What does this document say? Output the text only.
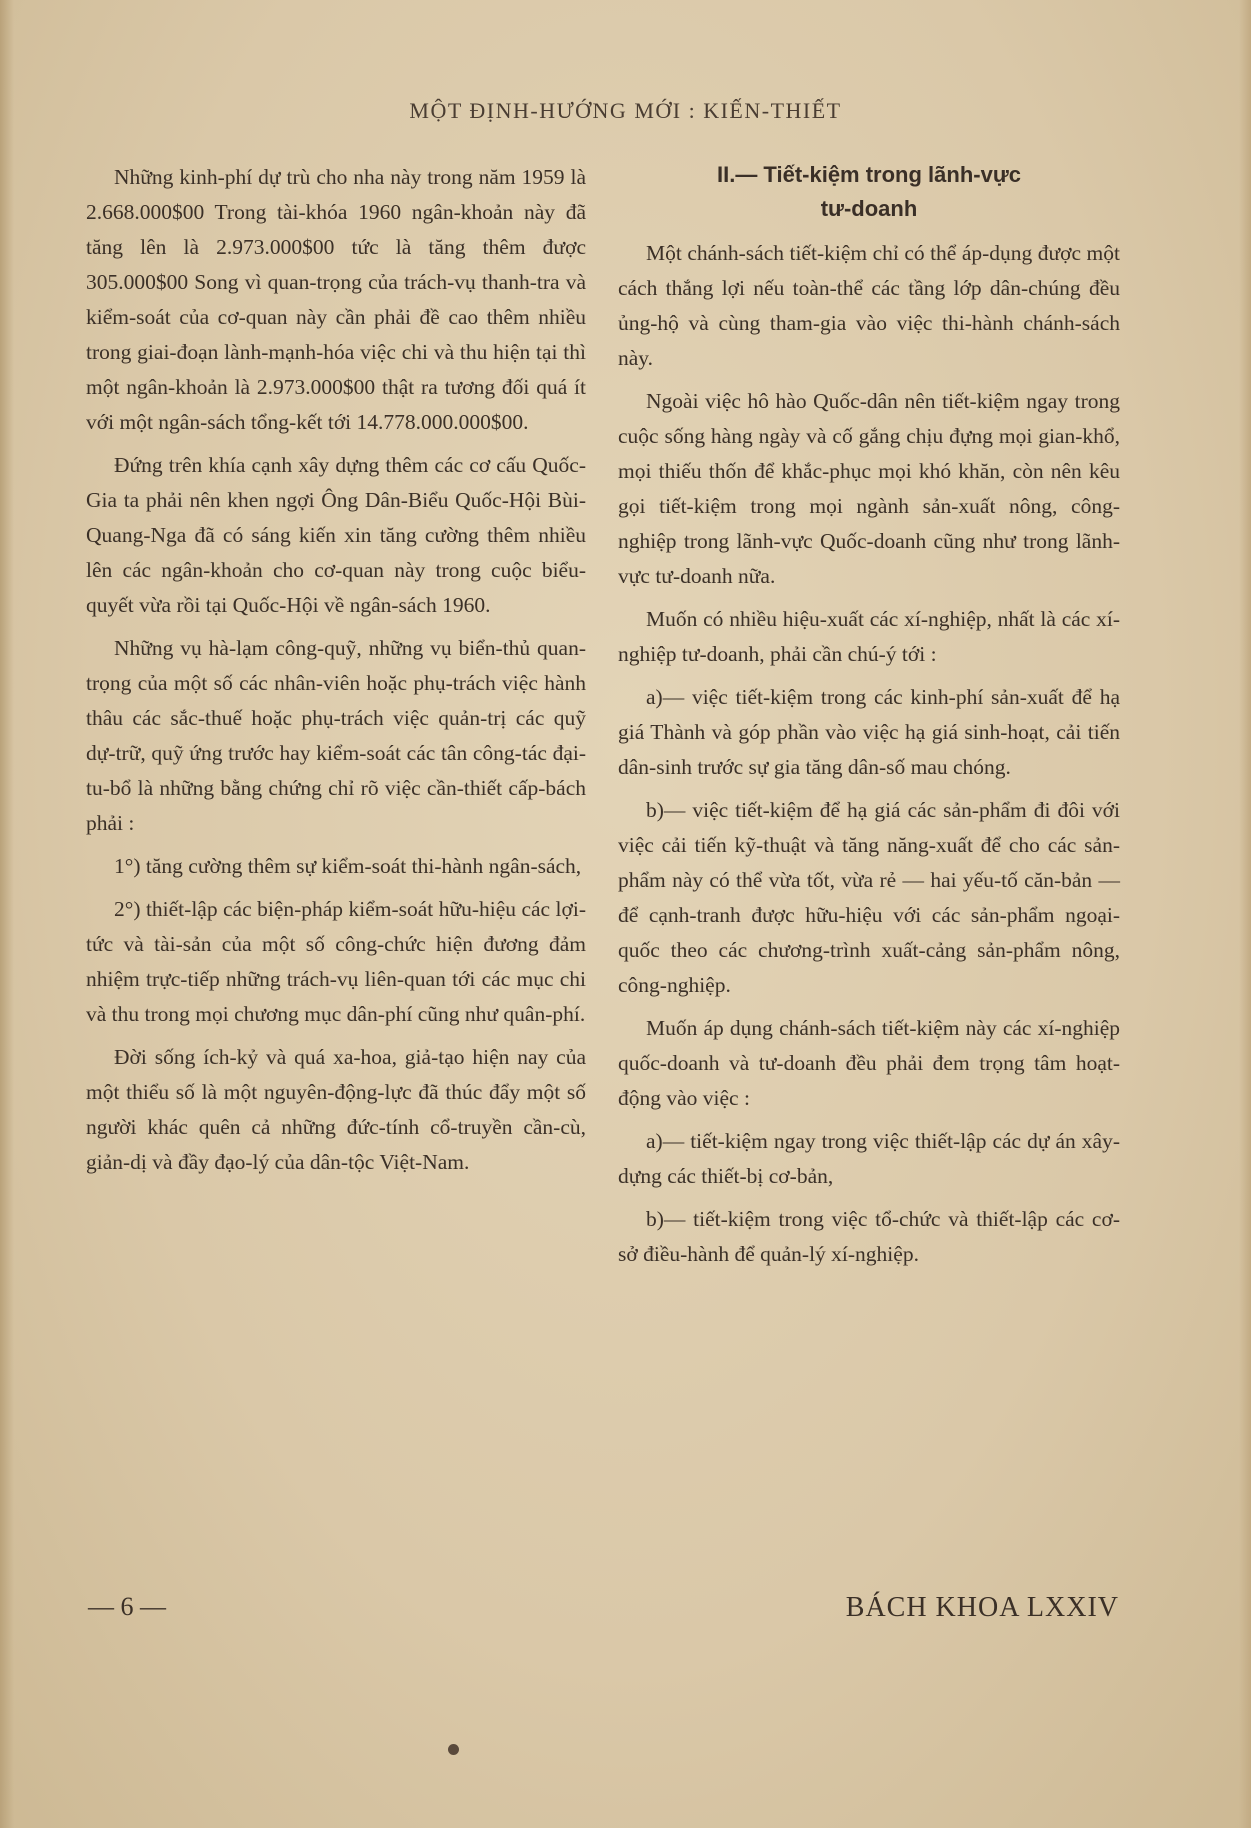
MỘT ĐỊNH-HƯỚNG MỚI : KIẾN-THIẾT

Những kinh-phí dự trù cho nha này trong năm 1959 là 2.668.000$00 Trong tài-khóa 1960 ngân-khoản này đã tăng lên là 2.973.000$00 tức là tăng thêm được 305.000$00 Song vì quan-trọng của trách-vụ thanh-tra và kiểm-soát của cơ-quan này cần phải đề cao thêm nhiều trong giai-đoạn lành-mạnh-hóa việc chi và thu hiện tại thì một ngân-khoản là 2.973.000$00 thật ra tương đối quá ít với một ngân-sách tổng-kết tới 14.778.000.000$00.

Đứng trên khía cạnh xây dựng thêm các cơ cấu Quốc-Gia ta phải nên khen ngợi Ông Dân-Biểu Quốc-Hội Bùi-Quang-Nga đã có sáng kiến xin tăng cường thêm nhiều lên các ngân-khoản cho cơ-quan này trong cuộc biểu-quyết vừa rồi tại Quốc-Hội về ngân-sách 1960.

Những vụ hà-lạm công-quỹ, những vụ biển-thủ quan-trọng của một số các nhân-viên hoặc phụ-trách việc hành thâu các sắc-thuế hoặc phụ-trách việc quản-trị các quỹ dự-trữ, quỹ ứng trước hay kiểm-soát các tân công-tác đại-tu-bổ là những bằng chứng chỉ rõ việc cần-thiết cấp-bách phải :

1°) tăng cường thêm sự kiểm-soát thi-hành ngân-sách,

2°) thiết-lập các biện-pháp kiểm-soát hữu-hiệu các lợi-tức và tài-sản của một số công-chức hiện đương đảm nhiệm trực-tiếp những trách-vụ liên-quan tới các mục chi và thu trong mọi chương mục dân-phí cũng như quân-phí.

Đời sống ích-kỷ và quá xa-hoa, giả-tạo hiện nay của một thiểu số là một nguyên-động-lực đã thúc đẩy một số người khác quên cả những đức-tính cổ-truyền cần-cù, giản-dị và đầy đạo-lý của dân-tộc Việt-Nam.

II.— Tiết-kiệm trong lãnh-vực
tư-doanh

Một chánh-sách tiết-kiệm chỉ có thể áp-dụng được một cách thắng lợi nếu toàn-thể các tầng lớp dân-chúng đều ủng-hộ và cùng tham-gia vào việc thi-hành chánh-sách này.

Ngoài việc hô hào Quốc-dân nên tiết-kiệm ngay trong cuộc sống hàng ngày và cố gắng chịu đựng mọi gian-khổ, mọi thiếu thốn để khắc-phục mọi khó khăn, còn nên kêu gọi tiết-kiệm trong mọi ngành sản-xuất nông, công-nghiệp trong lãnh-vực Quốc-doanh cũng như trong lãnh-vực tư-doanh nữa.

Muốn có nhiều hiệu-xuất các xí-nghiệp, nhất là các xí-nghiệp tư-doanh, phải cần chú-ý tới :

a)— việc tiết-kiệm trong các kinh-phí sản-xuất để hạ giá Thành và góp phần vào việc hạ giá sinh-hoạt, cải tiến dân-sinh trước sự gia tăng dân-số mau chóng.

b)— việc tiết-kiệm để hạ giá các sản-phẩm đi đôi với việc cải tiến kỹ-thuật và tăng năng-xuất để cho các sản-phẩm này có thể vừa tốt, vừa rẻ — hai yếu-tố căn-bản — để cạnh-tranh được hữu-hiệu với các sản-phẩm ngoại-quốc theo các chương-trình xuất-cảng sản-phẩm nông, công-nghiệp.

Muốn áp dụng chánh-sách tiết-kiệm này các xí-nghiệp quốc-doanh và tư-doanh đều phải đem trọng tâm hoạt-động vào việc :

a)— tiết-kiệm ngay trong việc thiết-lập các dự án xây-dựng các thiết-bị cơ-bản,

b)— tiết-kiệm trong việc tổ-chức và thiết-lập các cơ-sở điều-hành để quản-lý xí-nghiệp.

— 6 —	BÁCH KHOA LXXIV
